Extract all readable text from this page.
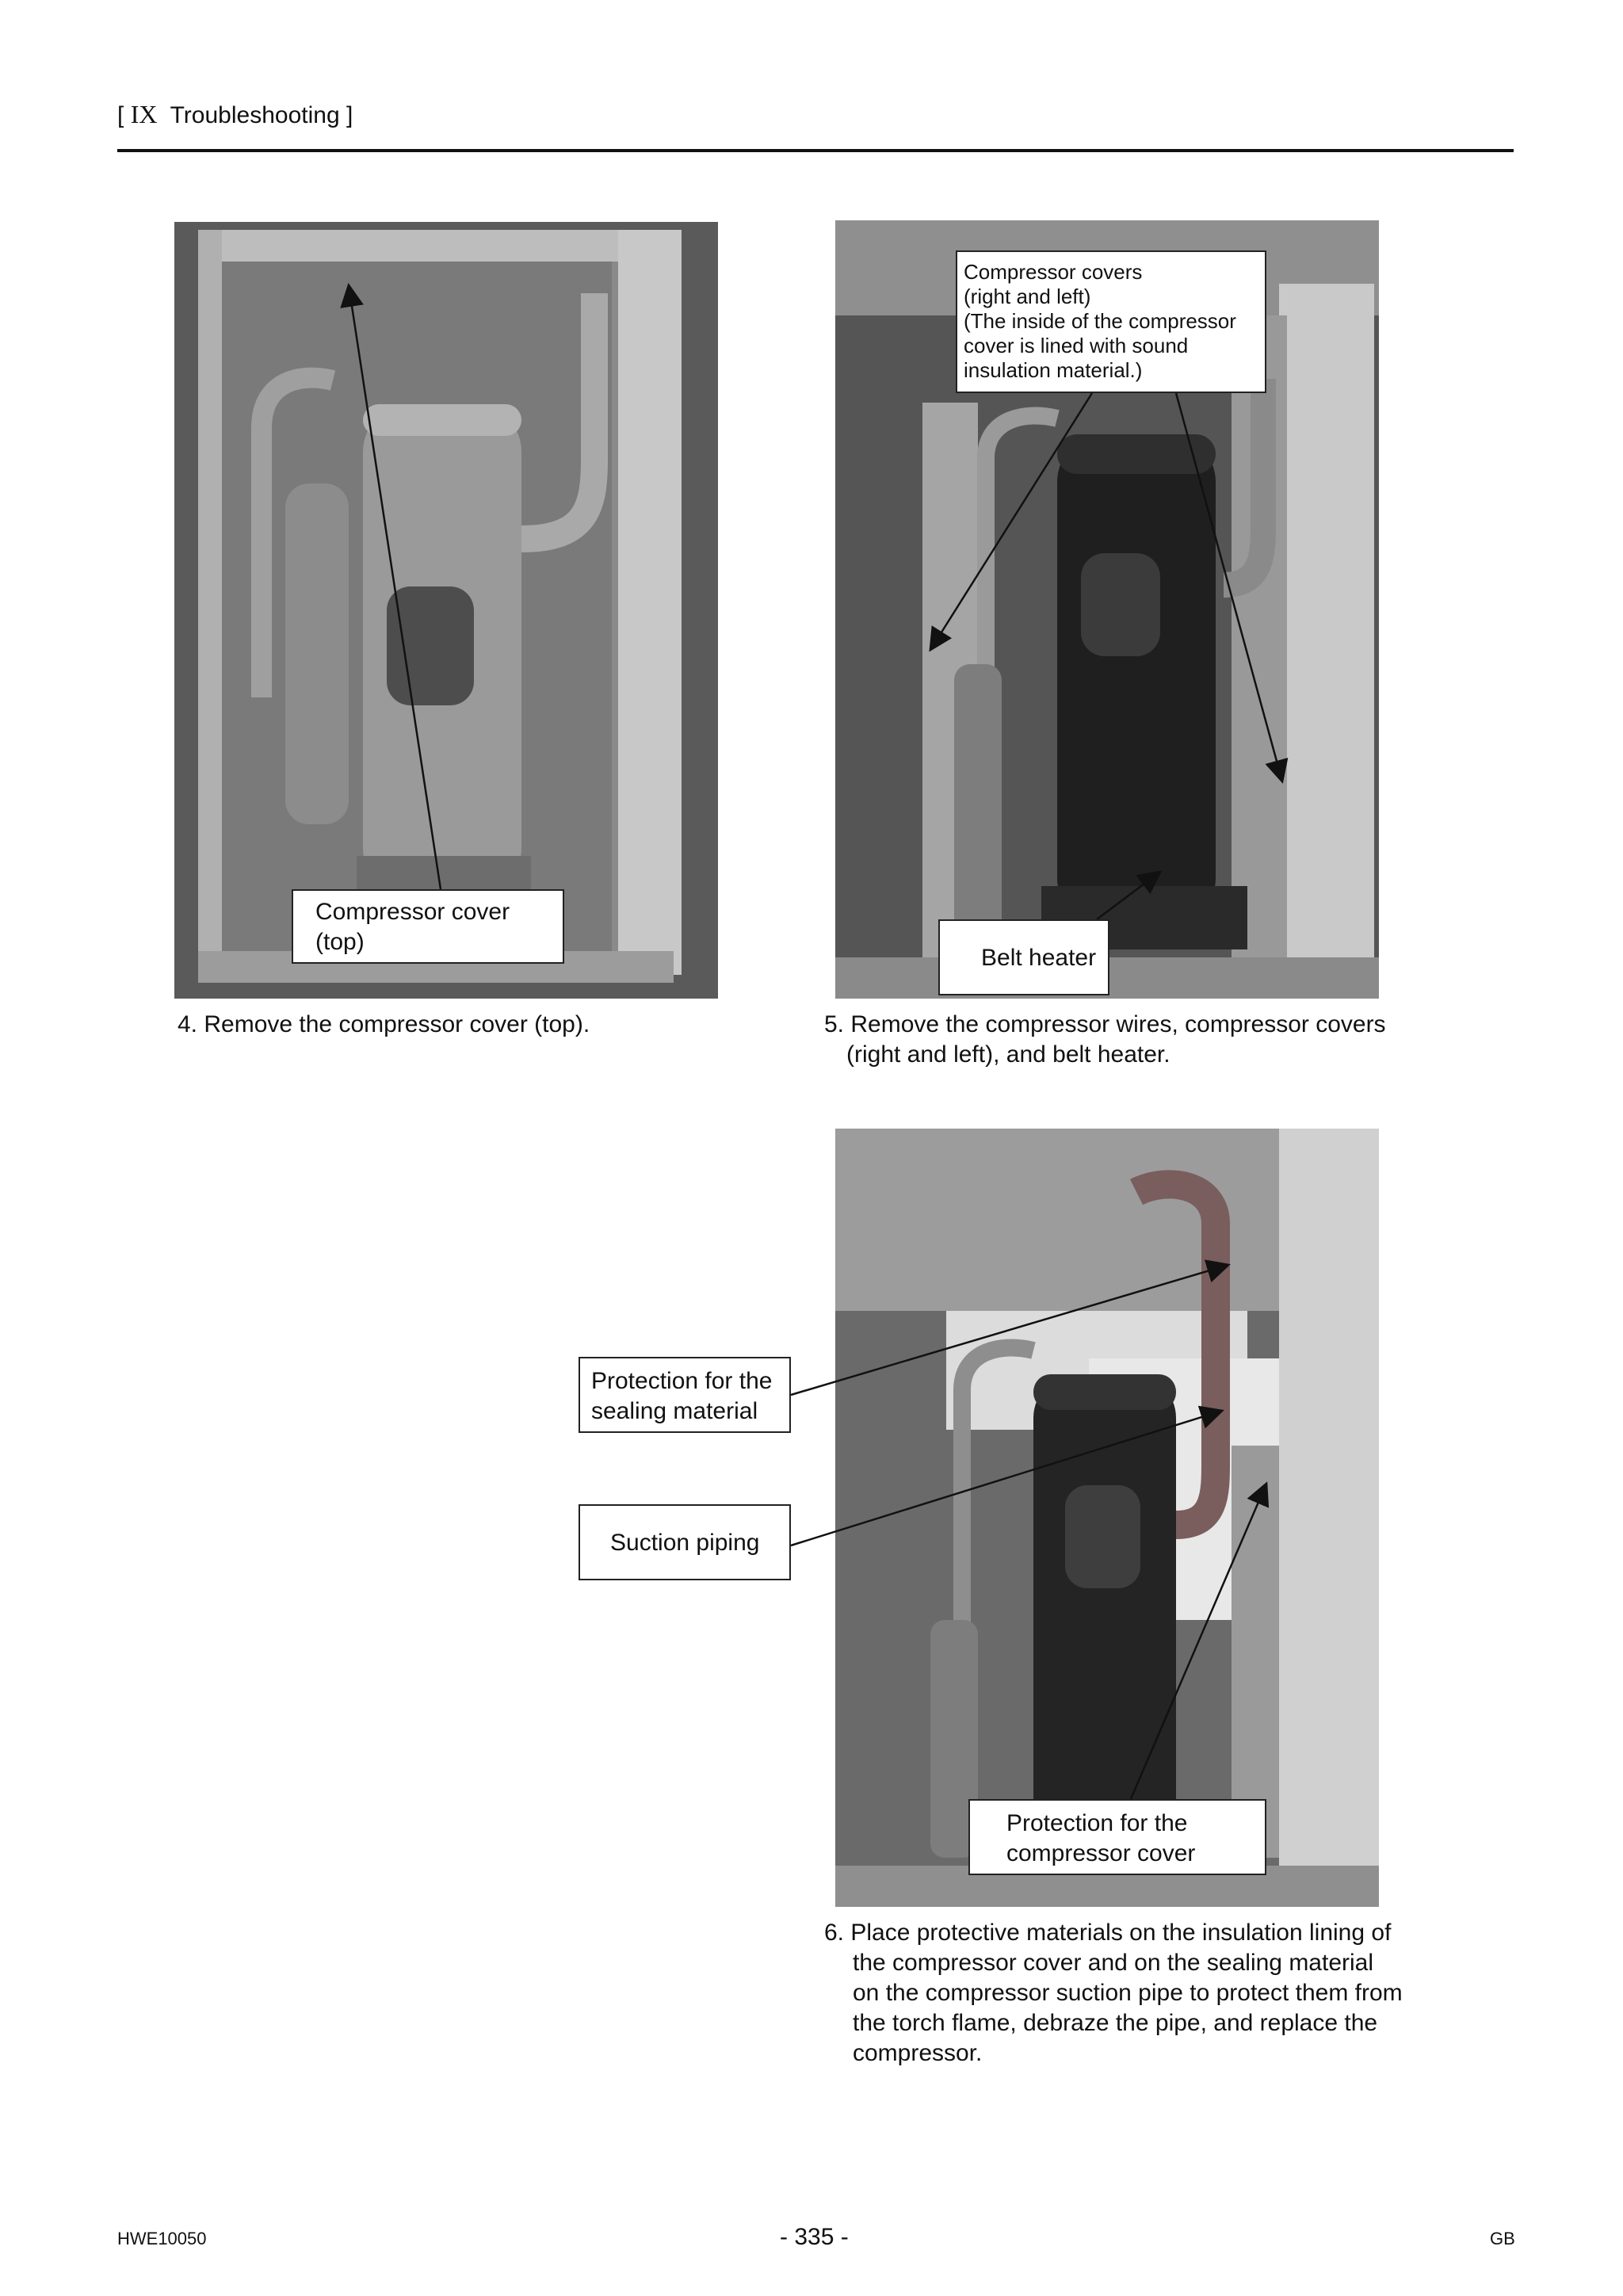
[ IX Troubleshooting ]
Compressor cover
(top)
Compressor covers
(right and left)
(The inside of the compressor
cover is lined with sound
insulation material.)
Belt heater
Protection for the
sealing material
Suction piping
Protection for the
compressor cover
4. Remove the compressor cover (top).	5. Remove the compressor wires, compressor covers
(right and left), and belt heater.
6. Place protective materials on the insulation lining of
the compressor cover and on the sealing material
on the compressor suction pipe to protect them from
the torch flame, debraze the pipe, and replace the
compressor.
HWE10050	- 335 -	GB
